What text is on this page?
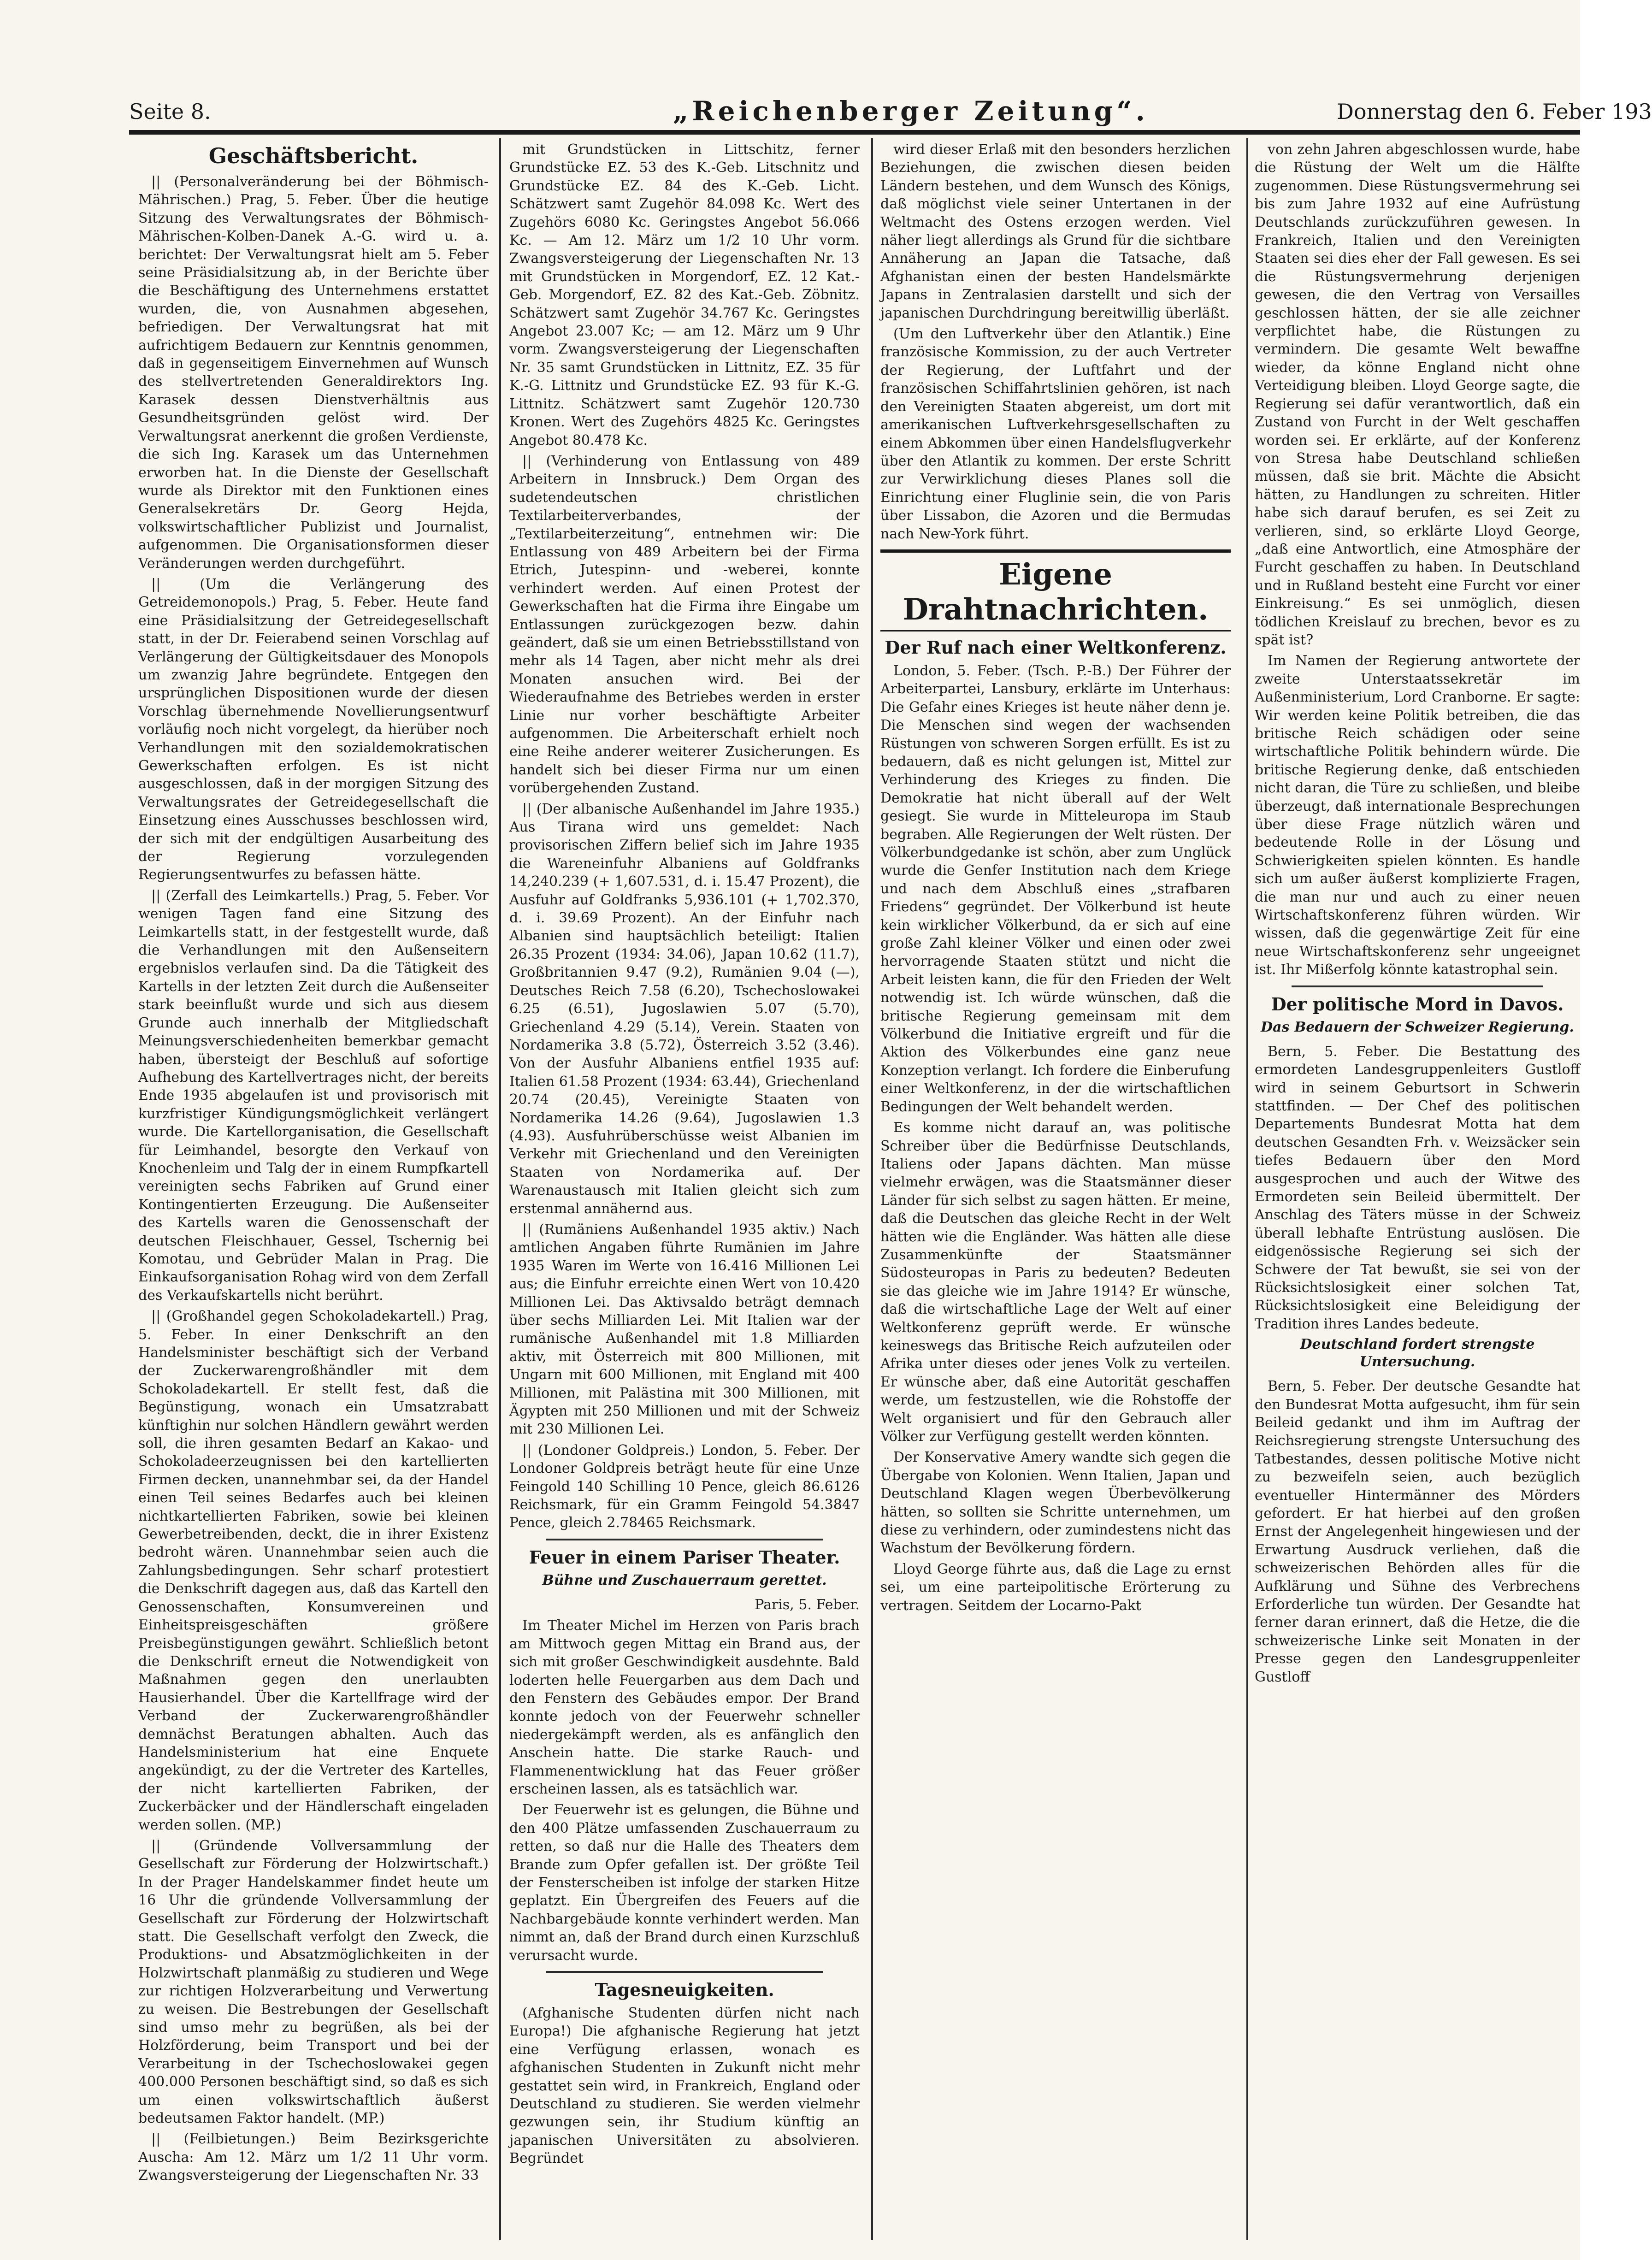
Seite 8.	„Reichenberger Zeitung“.	Donnerstag den 6. Feber 193
Geschäftsbericht.

|| (Personalveränderung bei der Böhmisch-Mährischen.) Prag, 5. Feber. Über die heutige Sitzung des Verwaltungsrates der Böhmisch-Mährischen-Kolben-Danek A.-G. wird u. a. berichtet: Der Verwaltungsrat hielt am 5. Feber seine Präsidialsitzung ab, in der Berichte über die Beschäftigung des Unternehmens erstattet wurden, die, von Ausnahmen abgesehen, befriedigen. Der Verwaltungsrat hat mit aufrichtigem Bedauern zur Kenntnis genommen, daß in gegenseitigem Einvernehmen auf Wunsch des stellvertretenden Generaldirektors Ing. Karasek dessen Dienstverhältnis aus Gesundheitsgründen gelöst wird. Der Verwaltungsrat anerkennt die großen Verdienste, die sich Ing. Karasek um das Unternehmen erworben hat. In die Dienste der Gesellschaft wurde als Direktor mit den Funktionen eines Generalsekretärs Dr. Georg Hejda, volkswirtschaftlicher Publizist und Journalist, aufgenommen. Die Organisationsformen dieser Veränderungen werden durchgeführt.

|| (Um die Verlängerung des Getreidemonopols.) Prag, 5. Feber. Heute fand eine Präsidialsitzung der Getreidegesellschaft statt, in der Dr. Feierabend seinen Vorschlag auf Verlängerung der Gültigkeitsdauer des Monopols um zwanzig Jahre begründete. Entgegen den ursprünglichen Dispositionen wurde der diesen Vorschlag übernehmende Novellierungsentwurf vorläufig noch nicht vorgelegt, da hierüber noch Verhandlungen mit den sozialdemokratischen Gewerkschaften erfolgen. Es ist nicht ausgeschlossen, daß in der morgigen Sitzung des Verwaltungsrates der Getreidegesellschaft die Einsetzung eines Ausschusses beschlossen wird, der sich mit der endgültigen Ausarbeitung des der Regierung vorzulegenden Regierungsentwurfes zu befassen hätte.

|| (Zerfall des Leimkartells.) Prag, 5. Feber. Vor wenigen Tagen fand eine Sitzung des Leimkartells statt, in der festgestellt wurde, daß die Verhandlungen mit den Außenseitern ergebnislos verlaufen sind. Da die Tätigkeit des Kartells in der letzten Zeit durch die Außenseiter stark beeinflußt wurde und sich aus diesem Grunde auch innerhalb der Mitgliedschaft Meinungsverschiedenheiten bemerkbar gemacht haben, übersteigt der Beschluß auf sofortige Aufhebung des Kartellvertrages nicht, der bereits Ende 1935 abgelaufen ist und provisorisch mit kurzfristiger Kündigungsmöglichkeit verlängert wurde. Die Kartellorganisation, die Gesellschaft für Leimhandel, besorgte den Verkauf von Knochenleim und Talg der in einem Rumpfkartell vereinigten sechs Fabriken auf Grund einer Kontingentierten Erzeugung. Die Außenseiter des Kartells waren die Genossenschaft der deutschen Fleischhauer, Gessel, Tschernig bei Komotau, und Gebrüder Malan in Prag. Die Einkaufsorganisation Rohag wird von dem Zerfall des Verkaufskartells nicht berührt.

|| (Großhandel gegen Schokoladekartell.) Prag, 5. Feber. In einer Denkschrift an den Handelsminister beschäftigt sich der Verband der Zuckerwarengroßhändler mit dem Schokoladekartell. Er stellt fest, daß die Begünstigung, wonach ein Umsatzrabatt künftighin nur solchen Händlern gewährt werden soll, die ihren gesamten Bedarf an Kakao- und Schokoladeerzeugnissen bei den kartellierten Firmen decken, unannehmbar sei, da der Handel einen Teil seines Bedarfes auch bei kleinen nichtkartellierten Fabriken, sowie bei kleinen Gewerbetreibenden, deckt, die in ihrer Existenz bedroht wären. Unannehmbar seien auch die Zahlungsbedingungen. Sehr scharf protestiert die Denkschrift dagegen aus, daß das Kartell den Genossenschaften, Konsumvereinen und Einheitspreisgeschäften größere Preisbegünstigungen gewährt. Schließlich betont die Denkschrift erneut die Notwendigkeit von Maßnahmen gegen den unerlaubten Hausierhandel. Über die Kartellfrage wird der Verband der Zuckerwarengroßhändler demnächst Beratungen abhalten. Auch das Handelsministerium hat eine Enquete angekündigt, zu der die Vertreter des Kartelles, der nicht kartellierten Fabriken, der Zuckerbäcker und der Händlerschaft eingeladen werden sollen. (MP.)

|| (Gründende Vollversammlung der Gesellschaft zur Förderung der Holzwirtschaft.) In der Prager Handelskammer findet heute um 16 Uhr die gründende Vollversammlung der Gesellschaft zur Förderung der Holzwirtschaft statt. Die Gesellschaft verfolgt den Zweck, die Produktions- und Absatzmöglichkeiten in der Holzwirtschaft planmäßig zu studieren und Wege zur richtigen Holzverarbeitung und Verwertung zu weisen. Die Bestrebungen der Gesellschaft sind umso mehr zu begrüßen, als bei der Holzförderung, beim Transport und bei der Verarbeitung in der Tschechoslowakei gegen 400.000 Personen beschäftigt sind, so daß es sich um einen volkswirtschaftlich äußerst bedeutsamen Faktor handelt. (MP.)

|| (Feilbietungen.) Beim Bezirksgerichte Auscha: Am 12. März um 1/2 11 Uhr vorm. Zwangsversteigerung der Liegenschaften Nr. 33

mit Grundstücken in Littschitz, ferner Grundstücke EZ. 53 des K.-Geb. Litschnitz und Grundstücke EZ. 84 des K.-Geb. Licht. Schätzwert samt Zugehör 84.098 Kc. Wert des Zugehörs 6080 Kc. Geringstes Angebot 56.066 Kc. — Am 12. März um 1/2 10 Uhr vorm. Zwangsversteigerung der Liegenschaften Nr. 13 mit Grundstücken in Morgendorf, EZ. 12 Kat.-Geb. Morgendorf, EZ. 82 des Kat.-Geb. Zöbnitz. Schätzwert samt Zugehör 34.767 Kc. Geringstes Angebot 23.007 Kc; — am 12. März um 9 Uhr vorm. Zwangsversteigerung der Liegenschaften Nr. 35 samt Grundstücken in Littnitz, EZ. 35 für K.-G. Littnitz und Grundstücke EZ. 93 für K.-G. Littnitz. Schätzwert samt Zugehör 120.730 Kronen. Wert des Zugehörs 4825 Kc. Geringstes Angebot 80.478 Kc.

|| (Verhinderung von Entlassung von 489 Arbeitern in Innsbruck.) Dem Organ des sudetendeutschen christlichen Textilarbeiterverbandes, der „Textilarbeiterzeitung“, entnehmen wir: Die Entlassung von 489 Arbeitern bei der Firma Etrich, Jutespinn- und -weberei, konnte verhindert werden. Auf einen Protest der Gewerkschaften hat die Firma ihre Eingabe um Entlassungen zurückgezogen bezw. dahin geändert, daß sie um einen Betriebsstillstand von mehr als 14 Tagen, aber nicht mehr als drei Monaten ansuchen wird. Bei der Wiederaufnahme des Betriebes werden in erster Linie nur vorher beschäftigte Arbeiter aufgenommen. Die Arbeiterschaft erhielt noch eine Reihe anderer weiterer Zusicherungen. Es handelt sich bei dieser Firma nur um einen vorübergehenden Zustand.

|| (Der albanische Außenhandel im Jahre 1935.) Aus Tirana wird uns gemeldet: Nach provisorischen Ziffern belief sich im Jahre 1935 die Wareneinfuhr Albaniens auf Goldfranks 14,240.239 (+ 1,607.531, d. i. 15.47 Prozent), die Ausfuhr auf Goldfranks 5,936.101 (+ 1,702.370, d. i. 39.69 Prozent). An der Einfuhr nach Albanien sind hauptsächlich beteiligt: Italien 26.35 Prozent (1934: 34.06), Japan 10.62 (11.7), Großbritannien 9.47 (9.2), Rumänien 9.04 (—), Deutsches Reich 7.58 (6.20), Tschechoslowakei 6.25 (6.51), Jugoslawien 5.07 (5.70), Griechenland 4.29 (5.14), Verein. Staaten von Nordamerika 3.8 (5.72), Österreich 3.52 (3.46). Von der Ausfuhr Albaniens entfiel 1935 auf: Italien 61.58 Prozent (1934: 63.44), Griechenland 20.74 (20.45), Vereinigte Staaten von Nordamerika 14.26 (9.64), Jugoslawien 1.3 (4.93). Ausfuhrüberschüsse weist Albanien im Verkehr mit Griechenland und den Vereinigten Staaten von Nordamerika auf. Der Warenaustausch mit Italien gleicht sich zum erstenmal annähernd aus.

|| (Rumäniens Außenhandel 1935 aktiv.) Nach amtlichen Angaben führte Rumänien im Jahre 1935 Waren im Werte von 16.416 Millionen Lei aus; die Einfuhr erreichte einen Wert von 10.420 Millionen Lei. Das Aktivsaldo beträgt demnach über sechs Milliarden Lei. Mit Italien war der rumänische Außenhandel mit 1.8 Milliarden aktiv, mit Österreich mit 800 Millionen, mit Ungarn mit 600 Millionen, mit England mit 400 Millionen, mit Palästina mit 300 Millionen, mit Ägypten mit 250 Millionen und mit der Schweiz mit 230 Millionen Lei.

|| (Londoner Goldpreis.) London, 5. Feber. Der Londoner Goldpreis beträgt heute für eine Unze Feingold 140 Schilling 10 Pence, gleich 86.6126 Reichsmark, für ein Gramm Feingold 54.3847 Pence, gleich 2.78465 Reichsmark.

Feuer in einem Pariser Theater.
Bühne und Zuschauerraum gerettet.
Paris, 5. Feber.

Im Theater Michel im Herzen von Paris brach am Mittwoch gegen Mittag ein Brand aus, der sich mit großer Geschwindigkeit ausdehnte. Bald loderten helle Feuergarben aus dem Dach und den Fenstern des Gebäudes empor. Der Brand konnte jedoch von der Feuerwehr schneller niedergekämpft werden, als es anfänglich den Anschein hatte. Die starke Rauch- und Flammenentwicklung hat das Feuer größer erscheinen lassen, als es tatsächlich war.

Der Feuerwehr ist es gelungen, die Bühne und den 400 Plätze umfassenden Zuschauerraum zu retten, so daß nur die Halle des Theaters dem Brande zum Opfer gefallen ist. Der größte Teil der Fensterscheiben ist infolge der starken Hitze geplatzt. Ein Übergreifen des Feuers auf die Nachbargebäude konnte verhindert werden. Man nimmt an, daß der Brand durch einen Kurzschluß verursacht wurde.

Tagesneuigkeiten.

(Afghanische Studenten dürfen nicht nach Europa!) Die afghanische Regierung hat jetzt eine Verfügung erlassen, wonach es afghanischen Studenten in Zukunft nicht mehr gestattet sein wird, in Frankreich, England oder Deutschland zu studieren. Sie werden vielmehr gezwungen sein, ihr Studium künftig an japanischen Universitäten zu absolvieren. Begründet

wird dieser Erlaß mit den besonders herzlichen Beziehungen, die zwischen diesen beiden Ländern bestehen, und dem Wunsch des Königs, daß möglichst viele seiner Untertanen in der Weltmacht des Ostens erzogen werden. Viel näher liegt allerdings als Grund für die sichtbare Annäherung an Japan die Tatsache, daß Afghanistan einen der besten Handelsmärkte Japans in Zentralasien darstellt und sich der japanischen Durchdringung bereitwillig überläßt.

(Um den Luftverkehr über den Atlantik.) Eine französische Kommission, zu der auch Vertreter der Regierung, der Luftfahrt und der französischen Schiffahrtslinien gehören, ist nach den Vereinigten Staaten abgereist, um dort mit amerikanischen Luftverkehrsgesellschaften zu einem Abkommen über einen Handelsflugverkehr über den Atlantik zu kommen. Der erste Schritt zur Verwirklichung dieses Planes soll die Einrichtung einer Fluglinie sein, die von Paris über Lissabon, die Azoren und die Bermudas nach New-York führt.

Eigene Drahtnachrichten.
Der Ruf nach einer Weltkonferenz.

London, 5. Feber. (Tsch. P.-B.) Der Führer der Arbeiterpartei, Lansbury, erklärte im Unterhaus: Die Gefahr eines Krieges ist heute näher denn je. Die Menschen sind wegen der wachsenden Rüstungen von schweren Sorgen erfüllt. Es ist zu bedauern, daß es nicht gelungen ist, Mittel zur Verhinderung des Krieges zu finden. Die Demokratie hat nicht überall auf der Welt gesiegt. Sie wurde in Mitteleuropa im Staub begraben. Alle Regierungen der Welt rüsten. Der Völkerbundgedanke ist schön, aber zum Unglück wurde die Genfer Institution nach dem Kriege und nach dem Abschluß eines „strafbaren Friedens“ gegründet. Der Völkerbund ist heute kein wirklicher Völkerbund, da er sich auf eine große Zahl kleiner Völker und einen oder zwei hervorragende Staaten stützt und nicht die Arbeit leisten kann, die für den Frieden der Welt notwendig ist. Ich würde wünschen, daß die britische Regierung gemeinsam mit dem Völkerbund die Initiative ergreift und für die Aktion des Völkerbundes eine ganz neue Konzeption verlangt. Ich fordere die Einberufung einer Weltkonferenz, in der die wirtschaftlichen Bedingungen der Welt behandelt werden.

Es komme nicht darauf an, was politische Schreiber über die Bedürfnisse Deutschlands, Italiens oder Japans dächten. Man müsse vielmehr erwägen, was die Staatsmänner dieser Länder für sich selbst zu sagen hätten. Er meine, daß die Deutschen das gleiche Recht in der Welt hätten wie die Engländer. Was hätten alle diese Zusammenkünfte der Staatsmänner Südosteuropas in Paris zu bedeuten? Bedeuten sie das gleiche wie im Jahre 1914? Er wünsche, daß die wirtschaftliche Lage der Welt auf einer Weltkonferenz geprüft werde. Er wünsche keineswegs das Britische Reich aufzuteilen oder Afrika unter dieses oder jenes Volk zu verteilen. Er wünsche aber, daß eine Autorität geschaffen werde, um festzustellen, wie die Rohstoffe der Welt organisiert und für den Gebrauch aller Völker zur Verfügung gestellt werden könnten.

Der Konservative Amery wandte sich gegen die Übergabe von Kolonien. Wenn Italien, Japan und Deutschland Klagen wegen Überbevölkerung hätten, so sollten sie Schritte unternehmen, um diese zu verhindern, oder zumindestens nicht das Wachstum der Bevölkerung fördern.

Lloyd George führte aus, daß die Lage zu ernst sei, um eine parteipolitische Erörterung zu vertragen. Seitdem der Locarno-Pakt

von zehn Jahren abgeschlossen wurde, habe die Rüstung der Welt um die Hälfte zugenommen. Diese Rüstungsvermehrung sei bis zum Jahre 1932 auf eine Aufrüstung Deutschlands zurückzuführen gewesen. In Frankreich, Italien und den Vereinigten Staaten sei dies eher der Fall gewesen. Es sei die Rüstungsvermehrung derjenigen gewesen, die den Vertrag von Versailles geschlossen hätten, der sie alle zeichner verpflichtet habe, die Rüstungen zu vermindern. Die gesamte Welt bewaffne wieder, da könne England nicht ohne Verteidigung bleiben. Lloyd George sagte, die Regierung sei dafür verantwortlich, daß ein Zustand von Furcht in der Welt geschaffen worden sei. Er erklärte, auf der Konferenz von Stresa habe Deutschland schließen müssen, daß sie brit. Mächte die Absicht hätten, zu Handlungen zu schreiten. Hitler habe sich darauf berufen, es sei Zeit zu verlieren, sind, so erklärte Lloyd George, „daß eine Antwortlich, eine Atmosphäre der Furcht geschaffen zu haben. In Deutschland und in Rußland besteht eine Furcht vor einer Einkreisung.“ Es sei unmöglich, diesen tödlichen Kreislauf zu brechen, bevor es zu spät ist?

Im Namen der Regierung antwortete der zweite Unterstaatssekretär im Außenministerium, Lord Cranborne. Er sagte: Wir werden keine Politik betreiben, die das britische Reich schädigen oder seine wirtschaftliche Politik behindern würde. Die britische Regierung denke, daß entschieden nicht daran, die Türe zu schließen, und bleibe überzeugt, daß internationale Besprechungen über diese Frage nützlich wären und bedeutende Rolle in der Lösung und Schwierigkeiten spielen könnten. Es handle sich um außer äußerst komplizierte Fragen, die man nur und auch zu einer neuen Wirtschaftskonferenz führen würden. Wir wissen, daß die gegenwärtige Zeit für eine neue Wirtschaftskonferenz sehr ungeeignet ist. Ihr Mißerfolg könnte katastrophal sein.

Der politische Mord in Davos.
Das Bedauern der Schweizer Regierung.

Bern, 5. Feber. Die Bestattung des ermordeten Landesgruppenleiters Gustloff wird in seinem Geburtsort in Schwerin stattfinden. — Der Chef des politischen Departements Bundesrat Motta hat dem deutschen Gesandten Frh. v. Weizsäcker sein tiefes Bedauern über den Mord ausgesprochen und auch der Witwe des Ermordeten sein Beileid übermittelt. Der Anschlag des Täters müsse in der Schweiz überall lebhafte Entrüstung auslösen. Die eidgenössische Regierung sei sich der Schwere der Tat bewußt, sie sei von der Rücksichtslosigkeit einer solchen Tat, Rücksichtslosigkeit eine Beleidigung der Tradition ihres Landes bedeute.

Deutschland fordert strengste Untersuchung.

Bern, 5. Feber. Der deutsche Gesandte hat den Bundesrat Motta aufgesucht, ihm für sein Beileid gedankt und ihm im Auftrag der Reichsregierung strengste Untersuchung des Tatbestandes, dessen politische Motive nicht zu bezweifeln seien, auch bezüglich eventueller Hintermänner des Mörders gefordert. Er hat hierbei auf den großen Ernst der Angelegenheit hingewiesen und der Erwartung Ausdruck verliehen, daß die schweizerischen Behörden alles für die Aufklärung und Sühne des Verbrechens Erforderliche tun würden. Der Gesandte hat ferner daran erinnert, daß die Hetze, die die schweizerische Linke seit Monaten in der Presse gegen den Landesgruppenleiter Gustloff
